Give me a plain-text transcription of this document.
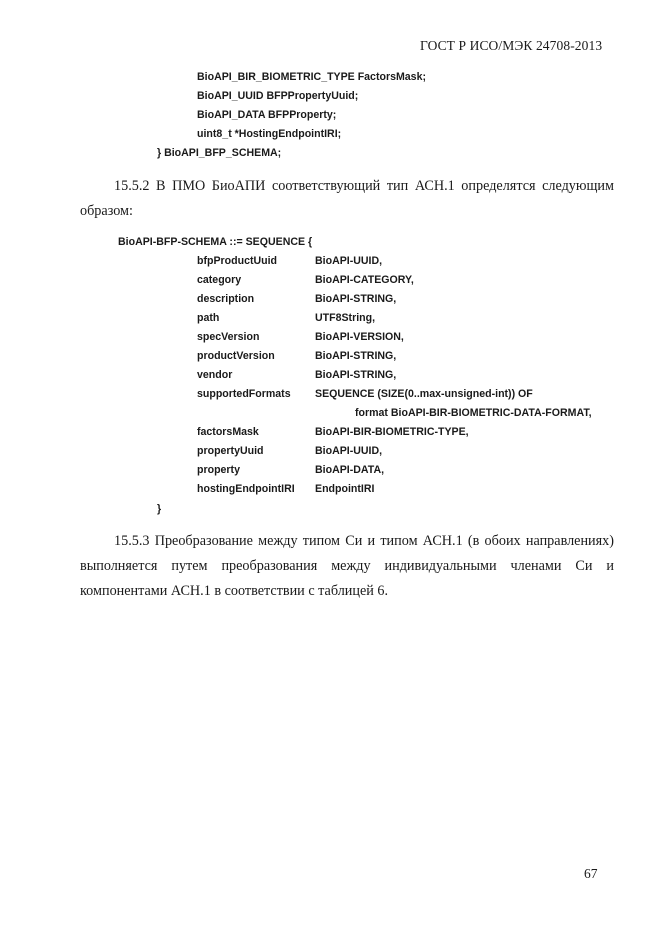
ГОСТ Р ИСО/МЭК 24708-2013
BioAPI_BIR_BIOMETRIC_TYPE FactorsMask;
BioAPI_UUID BFPPropertyUuid;
BioAPI_DATA BFPProperty;
uint8_t *HostingEndpointIRI;
} BioAPI_BFP_SCHEMA;
15.5.2 В ПМО БиоАПИ соответствующий тип АСН.1 определятся следующим образом:
BioAPI-BFP-SCHEMA ::= SEQUENCE {
bfpProductUuid	BioAPI-UUID,
category	BioAPI-CATEGORY,
description	BioAPI-STRING,
path	UTF8String,
specVersion	BioAPI-VERSION,
productVersion	BioAPI-STRING,
vendor	BioAPI-STRING,
supportedFormats SEQUENCE (SIZE(0..max-unsigned-int)) OF
format BioAPI-BIR-BIOMETRIC-DATA-FORMAT,
factorsMask	BioAPI-BIR-BIOMETRIC-TYPE,
propertyUuid	BioAPI-UUID,
property	BioAPI-DATA,
hostingEndpointIRI EndpointIRI
}
15.5.3 Преобразование между типом Си и типом АСН.1 (в обоих направлениях) выполняется путем преобразования между индивидуальными членами Си и компонентами АСН.1 в соответствии с таблицей 6.
67
